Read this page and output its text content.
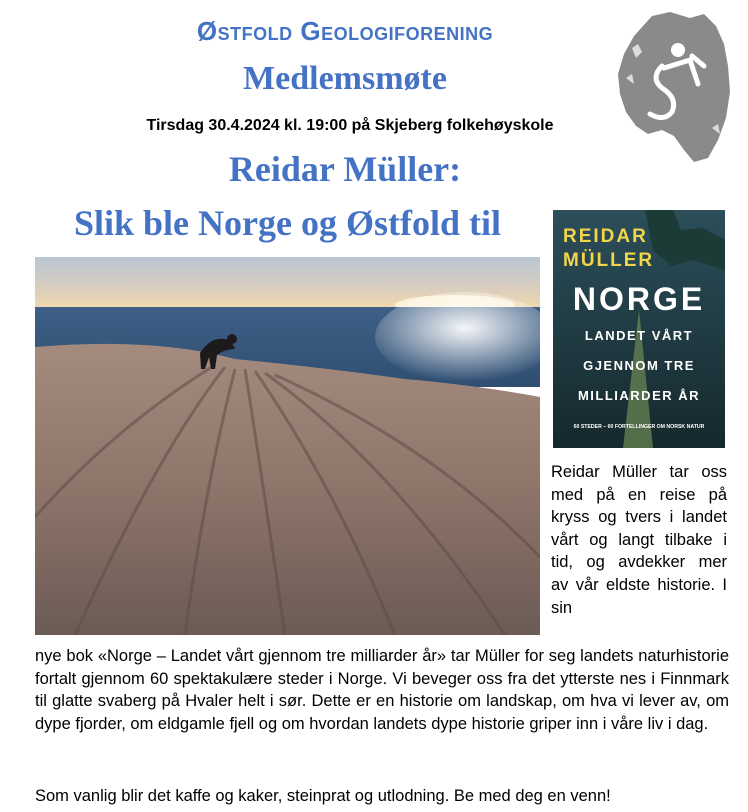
Østfold Geologiforening
Medlemsmøte
Tirsdag 30.4.2024 kl. 19:00 på Skjeberg folkehøyskole
Reidar Müller:
Slik ble Norge og Østfold til	REIDAR
MÜLLER
NORGE
LANDET VÅRT
GJENNOM TRE
MILLIARDER ÅR
60 STEDER – 60 FORTELLINGER OM NORSK NATUR
Reidar Müller tar oss med på en reise på kryss og tvers i landet vårt og langt tilbake i tid, og avdekker mer av vår eldste historie. I sin
nye bok «Norge – Landet vårt gjennom tre milliarder år» tar Müller for seg landets naturhistorie fortalt gjennom 60 spektakulære steder i Norge. Vi beveger oss fra det ytterste nes i Finnmark til glatte svaberg på Hvaler helt i sør. Dette er en historie om landskap, om hva vi lever av, om dype fjorder, om eldgamle fjell og om hvordan landets dype historie griper inn i våre liv i dag.
Som vanlig blir det kaffe og kaker, steinprat og utlodning. Be med deg en venn!
